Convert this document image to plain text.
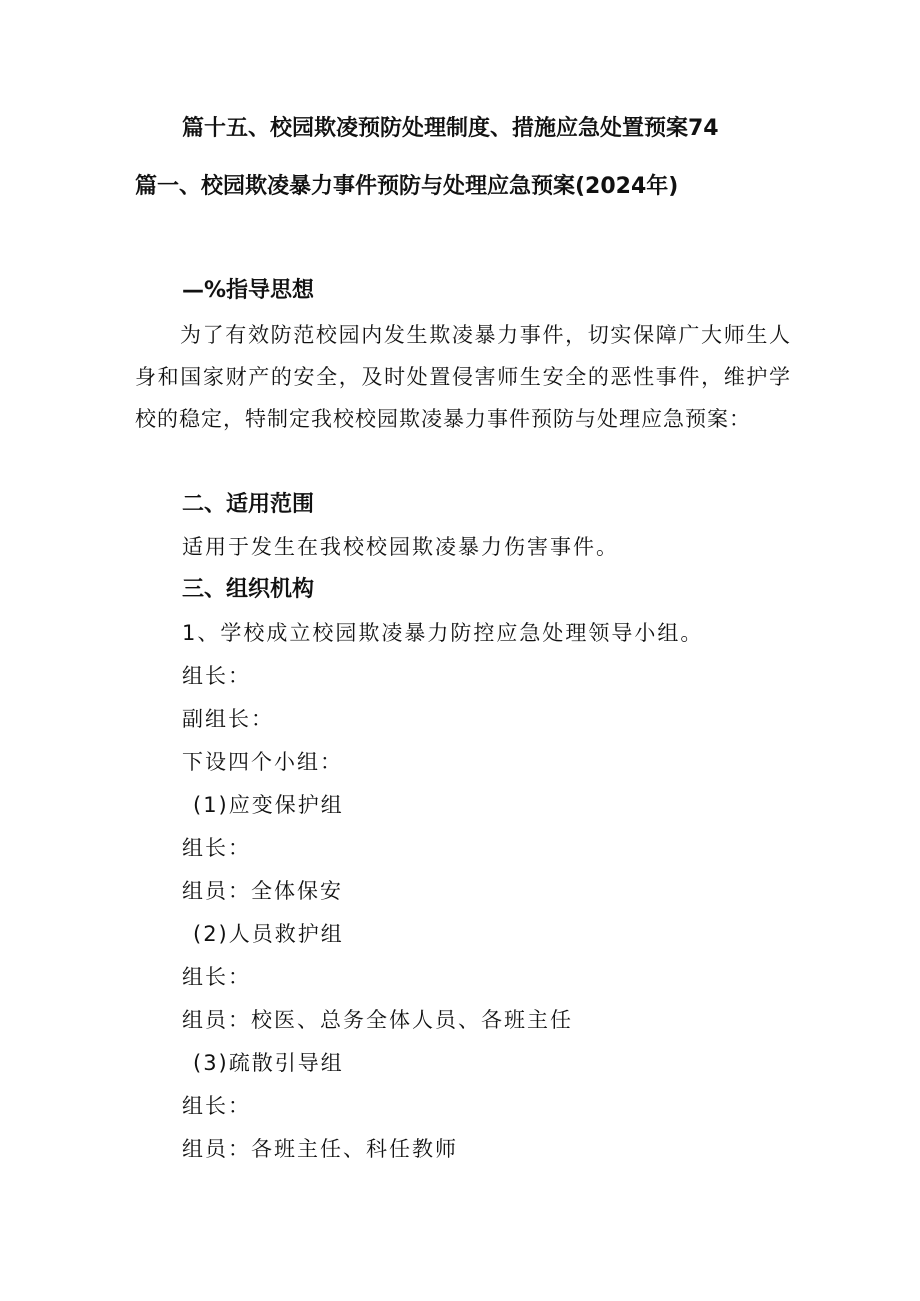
篇十五、校园欺凌预防处理制度、措施应急处置预案74
篇一、校园欺凌暴力事件预防与处理应急预案(2024年)
—%指导思想
为了有效防范校园内发生欺凌暴力事件，切实保障广大师生人身和国家财产的安全，及时处置侵害师生安全的恶性事件，维护学校的稳定，特制定我校校园欺凌暴力事件预防与处理应急预案：
二、适用范围
适用于发生在我校校园欺凌暴力伤害事件。
三、组织机构
1、学校成立校园欺凌暴力防控应急处理领导小组。
组长：
副组长：
下设四个小组：
(1)应变保护组
组长：
组员：全体保安
(2)人员救护组
组长：
组员：校医、总务全体人员、各班主任
(3)疏散引导组
组长：
组员：各班主任、科任教师
